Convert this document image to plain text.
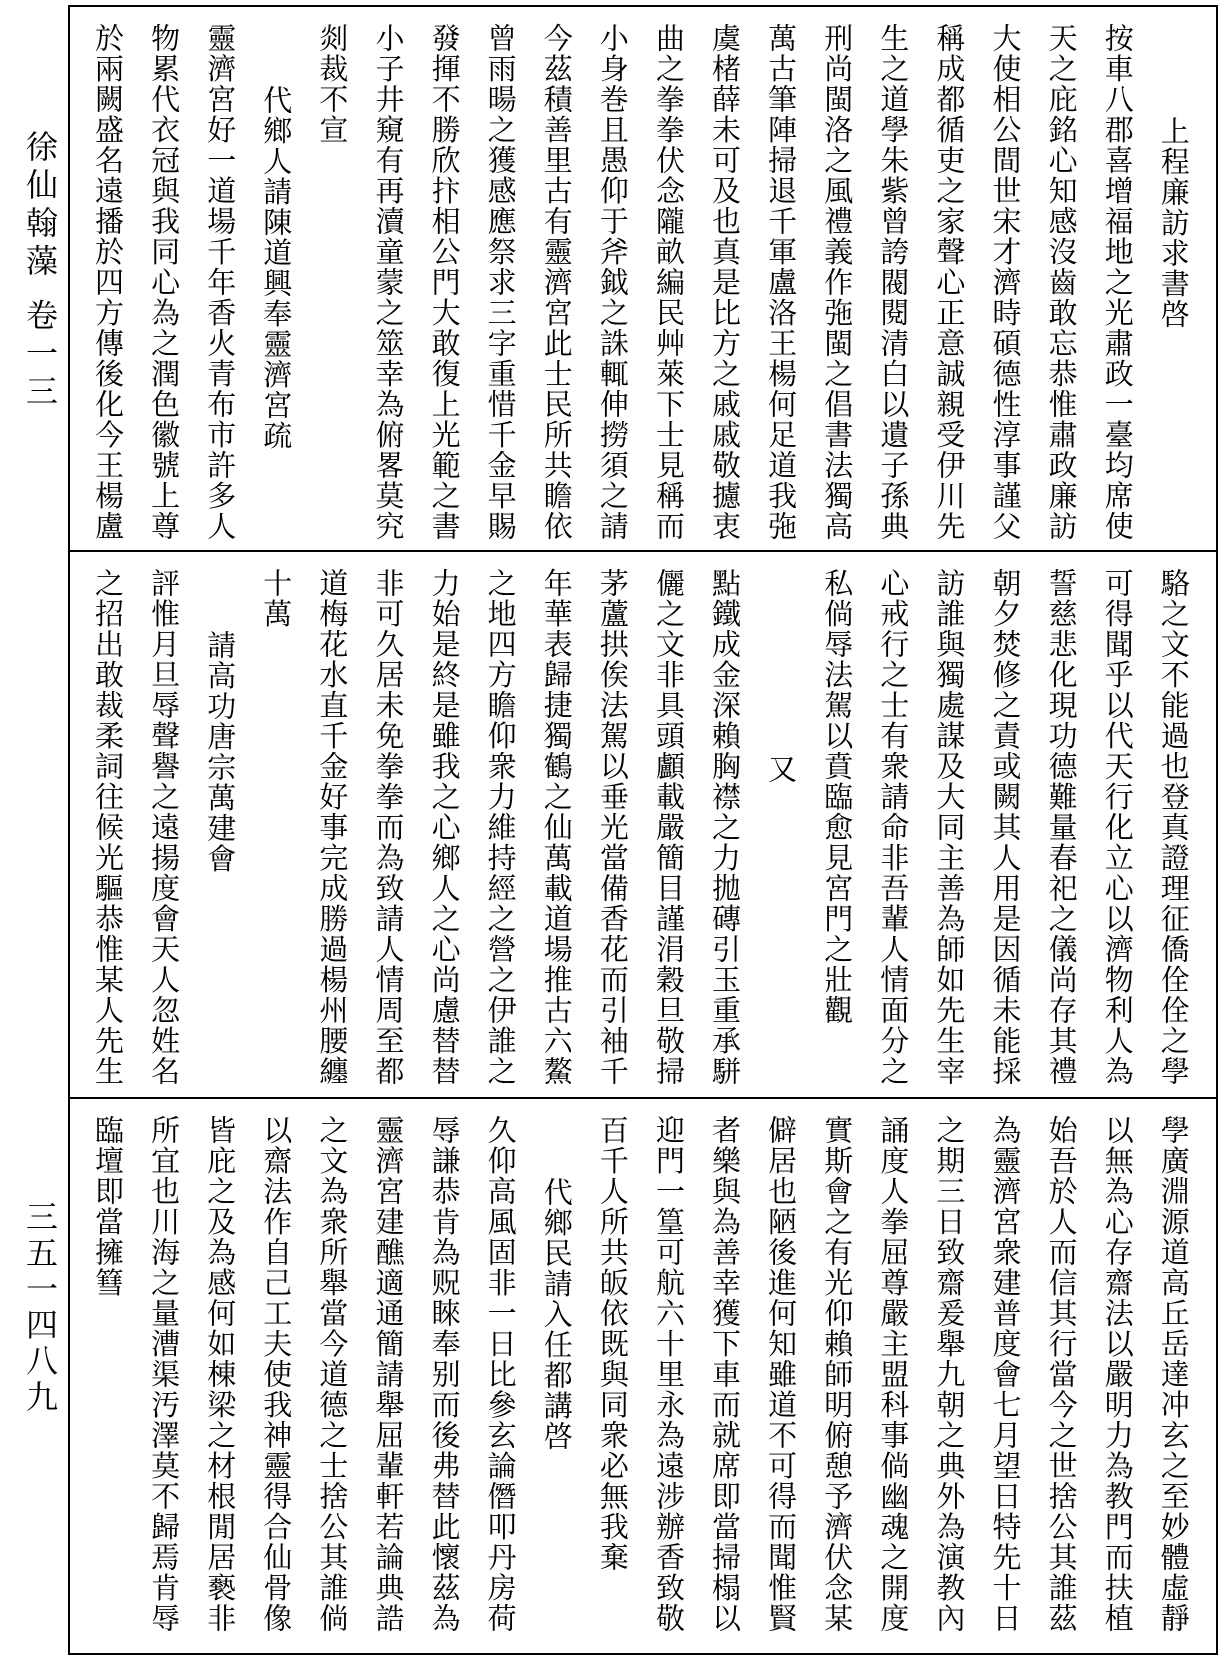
徐仙翰藻 卷一三
三五一四八九
上程廉訪求書啓
按車八郡喜增福地之光肅政一臺均席使
天之庇銘心知感沒齒敢忘恭惟肅政廉訪
大使相公間世宋才濟時碩德性淳事謹父
稱成都循吏之家聲心正意誠親受伊川先
生之道學朱紫曾誇閥閱清白以遺子孫典
刑尚閩洛之風禮義作㢮閩之倡書法獨高
萬古筆陣掃退千軍盧洛王楊何足道我㢮
虞楮薛未可及也真是比方之戚戚敬攄衷
曲之拳拳伏念隴畝編民艸萊下士見稱而
小身巻且愚仰于斧鉞之誅輒伸撈須之請
今茲積善里古有靈濟宮此士民所共瞻依
曾雨暘之獲感應祭求三字重惜千金早賜
發揮不勝欣抃相公門大敢復上光範之書
小子井窺有再瀆童蒙之筮幸為俯畧莫究
剡裁不宣
代鄉人請陳道興奉靈濟宮疏
靈濟宮好一道場千年香火青布市許多人
物累代衣冠與我同心為之潤色徽號上尊
於兩闕盛名遠播於四方傳後化今王楊盧
駱之文不能過也登真證理征僑佺佺之學
可得聞乎以代天行化立心以濟物利人為
誓慈悲化現功德難量春祀之儀尚存其禮
朝夕焚修之責或闕其人用是因循未能採
訪誰與獨處謀及大同主善為師如先生宰
心戒行之士有衆請命非吾輩人情面分之
私倘辱法駕以賁臨愈見宮門之壯觀
又
點鐵成金深賴胸襟之力拋磚引玉重承駢
儷之文非具頭顱載嚴簡目謹涓穀旦敬掃
茅蘆拱俟法駕以垂光當備香花而引袖千
年華表歸捷獨鶴之仙萬載道場推古六鰲
之地四方瞻仰衆力維持經之營之伊誰之
力始是終是雖我之心鄉人之心尚慮替替
非可久居未免拳拳而為致請人情周至都
道梅花水直千金好事完成勝過楊州腰纏
十萬
請高功唐宗萬建會
評惟月旦辱聲譽之遠揚度會天人忽姓名
之招出敢裁柔詞往候光驅恭惟某人先生
學廣淵源道高丘岳達冲玄之至妙體虛靜
以無為心存齋法以嚴明力為教門而扶植
始吾於人而信其行當今之世捨公其誰茲
為靈濟宮衆建普度會七月望日特先十日
之期三日致齋爰舉九朝之典外為演教內
誦度人拳屈尊嚴主盟科事倘幽魂之開度
實斯會之有光仰賴師明俯憩予濟伏念某
僻居也陋後進何知雖道不可得而聞惟賢
者樂與為善幸獲下車而就席即當掃榻以
迎門一篁可航六十里永為遠涉辦香致敬
百千人所共皈依既與同衆必無我棄
代鄉民請入任都講啓
久仰高風固非一日比參玄論僭叩丹房荷
辱謙恭肯為贶睞奉别而後弗替此懷茲為
靈濟宮建醮適通簡請舉屈輩軒若論典誥
之文為衆所舉當今道德之士捨公其誰倘
以齋法作自己工夫使我神靈得合仙骨像
皆庇之及為感何如棟梁之材根閒居褻非
所宜也川海之量漕渠汚澤莫不歸焉肯辱
臨壇即當擁篲
